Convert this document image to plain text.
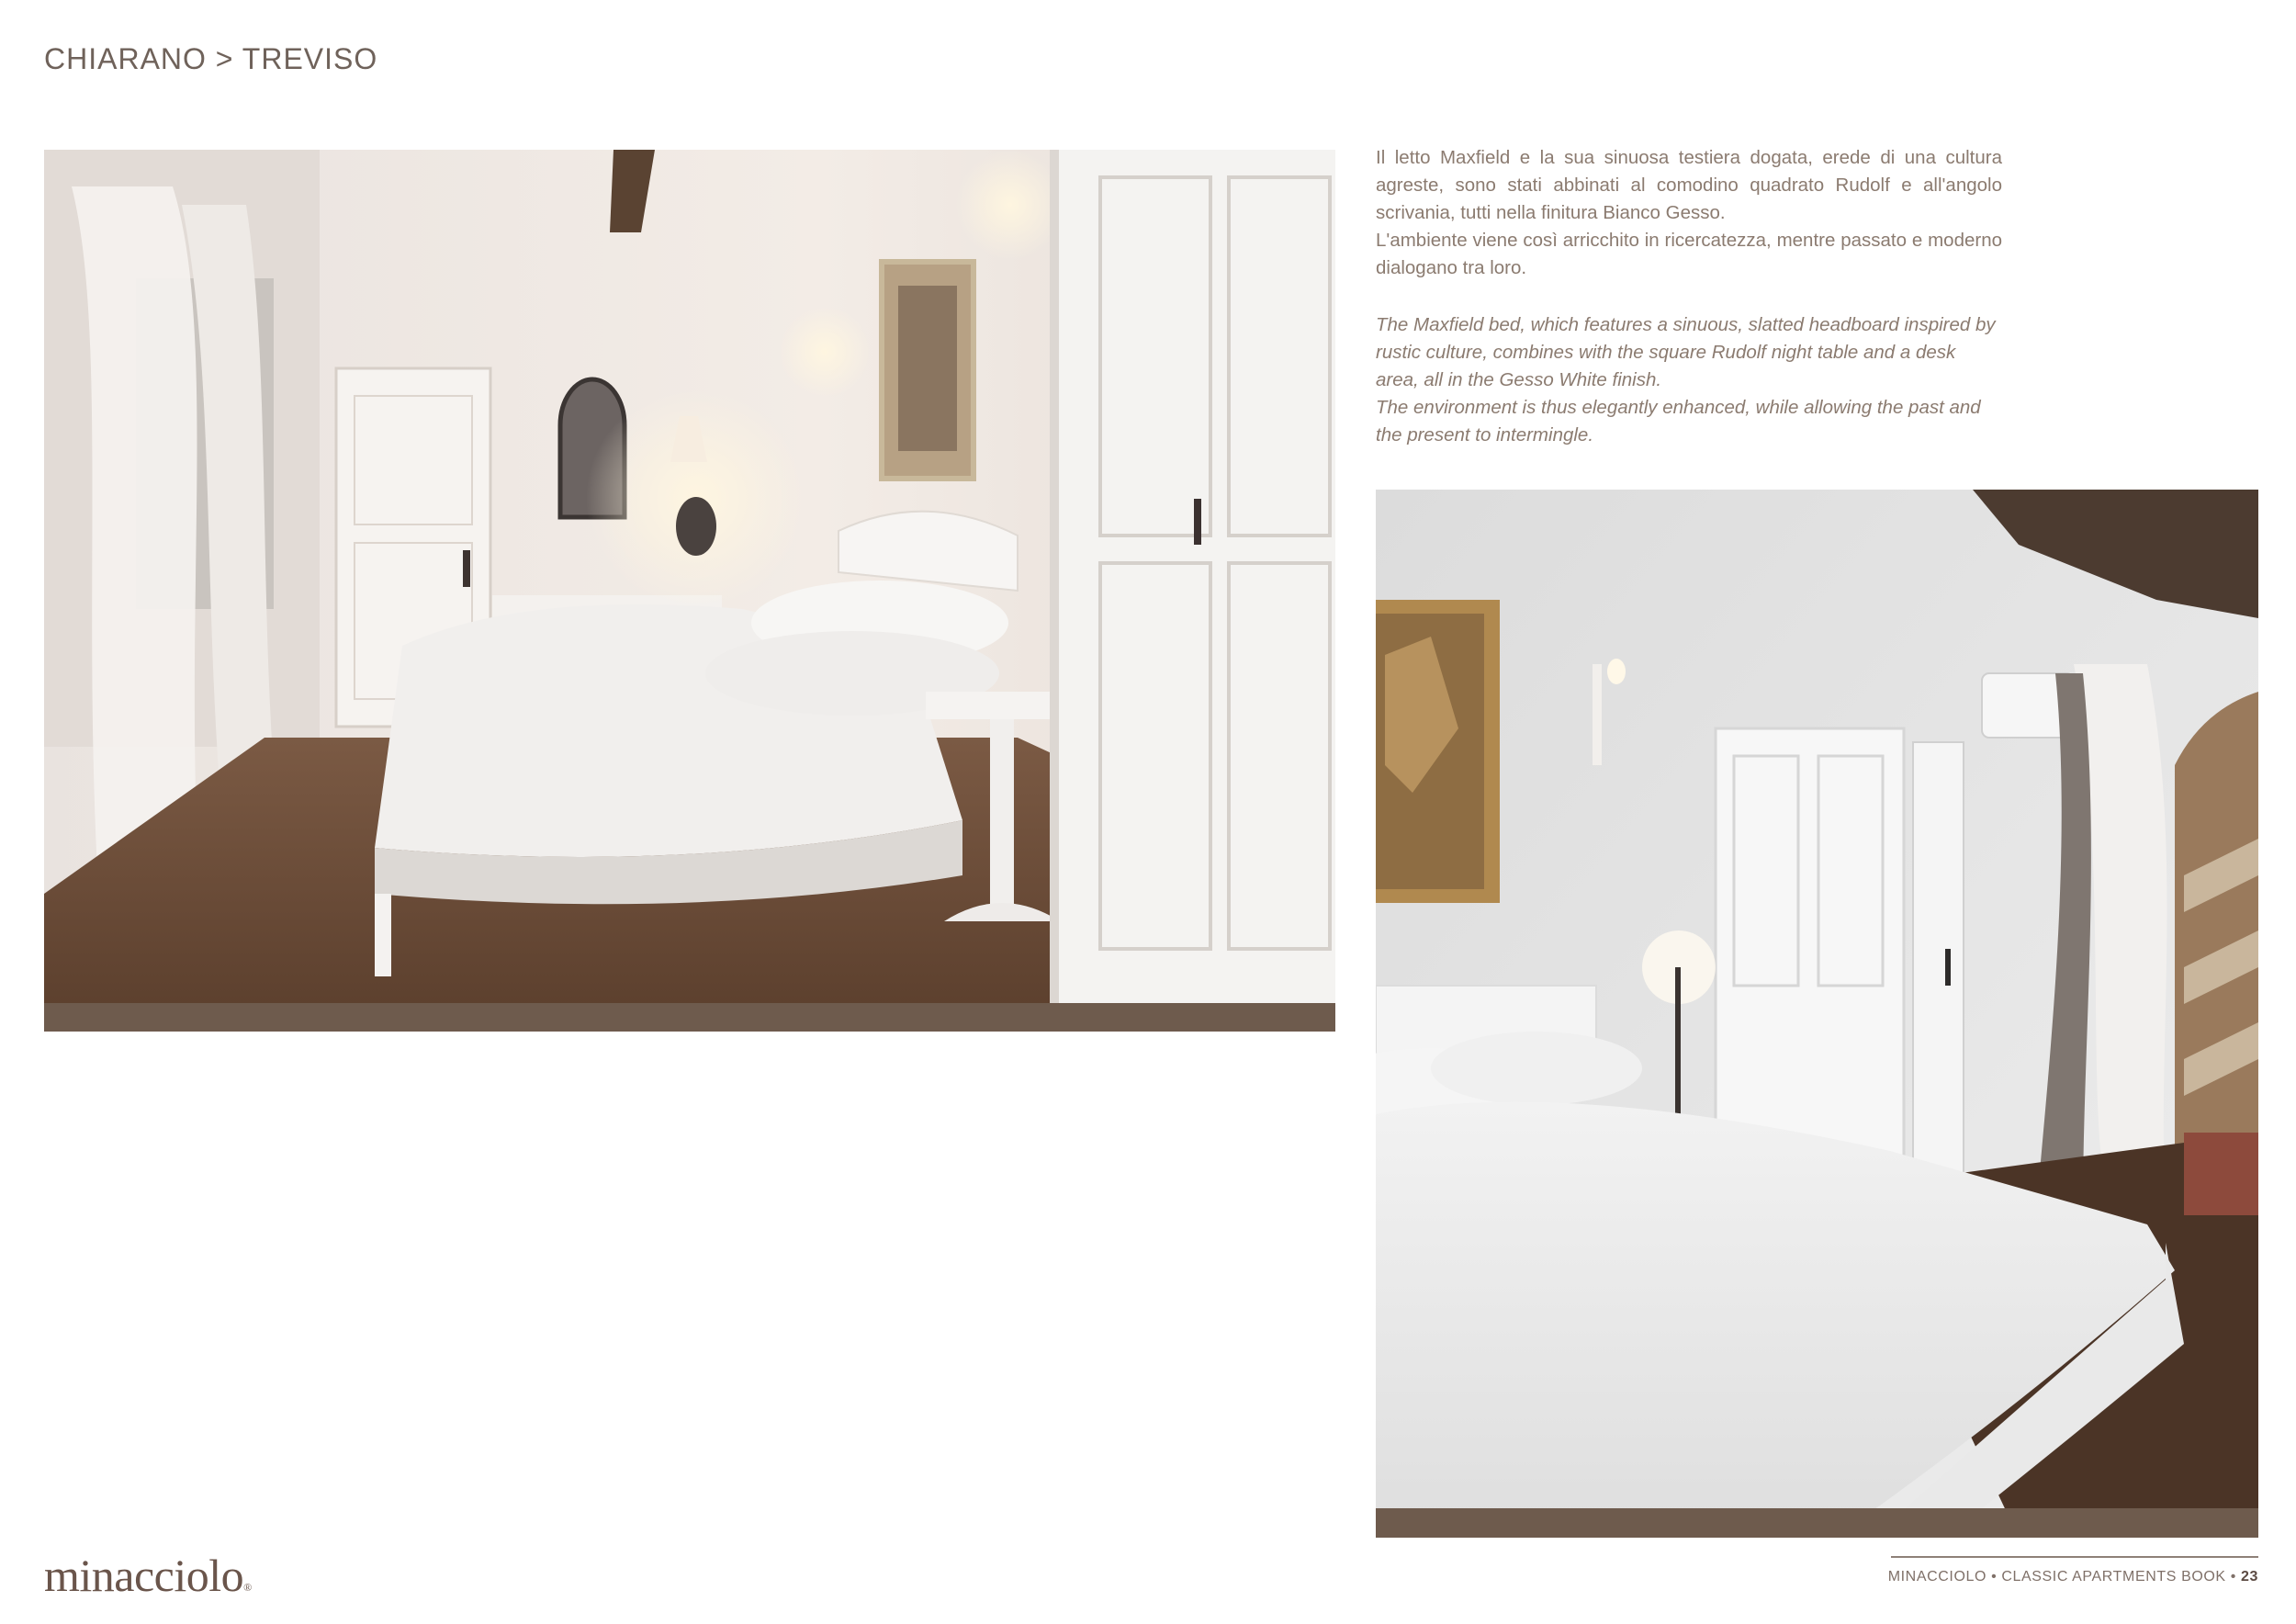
CHIARANO > TREVISO

Il letto Maxfield e la sua sinuosa testiera dogata, erede di una cultura agreste, sono stati abbinati al comodino quadrato Rudolf e all'angolo scrivania, tutti nella finitura Bianco Gesso.

L'ambiente viene così arricchito in ricercatezza, mentre passato e moderno dialogano tra loro.

The Maxfield bed, which features a sinuous, slatted headboard inspired by rustic culture, combines with the square Rudolf night table and a desk area, all in the Gesso White finish.

The environment is thus elegantly enhanced, while allowing the past and the present to intermingle.

minacciolo®
MINACCIOLO • CLASSIC APARTMENTS BOOK • 23
